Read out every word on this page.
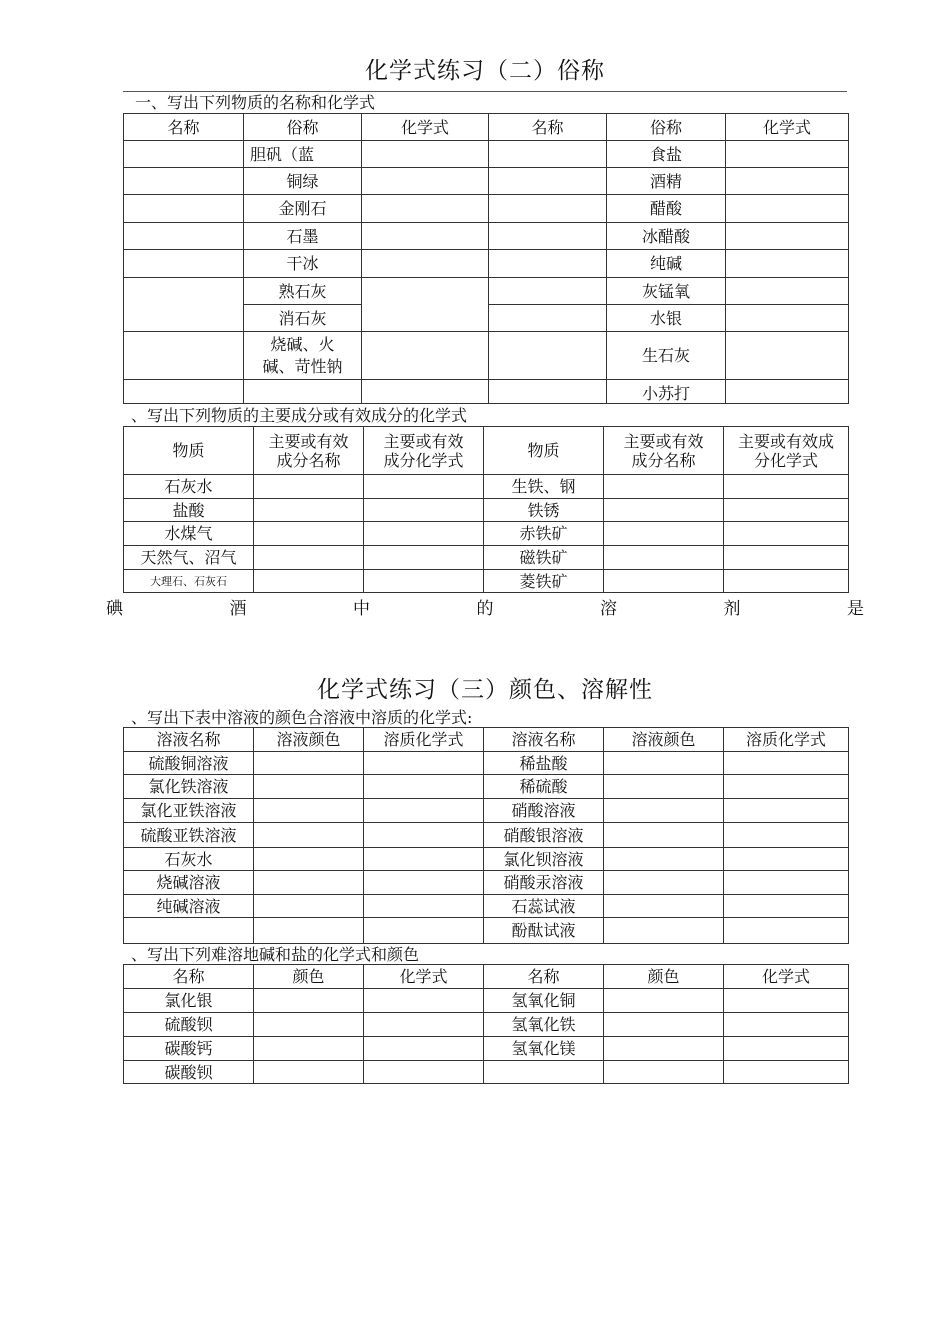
化学式练习（二）俗称
一、写出下列物质的名称和化学式
名称	俗称	化学式	名称	俗称	化学式

	胆矾（蓝			食盐	
	铜绿			酒精	
	金刚石			醋酸	
	石墨			冰醋酸	
	干冰			纯碱	
	熟石灰			灰锰氧	
	消石灰			水银	
	烧碱、火碱、苛性钠			生石灰	
				小苏打	
、写出下列物质的主要成分或有效成分的化学式
物质	主要或有效成分名称	主要或有效成分化学式	物质	主要或有效成分名称	主要或有效成分化学式
石灰水			生铁、钢		
盐酸			铁锈		
水煤气			赤铁矿		
天然气、沼气			磁铁矿		
大理石、石灰石			菱铁矿		
碘	酒	中	的	溶	剂	是
化学式练习（三）颜色、溶解性
、写出下表中溶液的颜色合溶液中溶质的化学式:
溶液名称	溶液颜色	溶质化学式	溶液名称	溶液颜色	溶质化学式
硫酸铜溶液			稀盐酸		
氯化铁溶液			稀硫酸		
氯化亚铁溶液			硝酸溶液		
硫酸亚铁溶液			硝酸银溶液		
石灰水			氯化钡溶液		
烧碱溶液			硝酸汞溶液		
纯碱溶液			石蕊试液		
			酚酞试液		
、写出下列难溶地碱和盐的化学式和颜色
名称	颜色	化学式	名称	颜色	化学式
氯化银			氢氧化铜		
硫酸钡			氢氧化铁		
碳酸钙			氢氧化镁		
碳酸钡					
